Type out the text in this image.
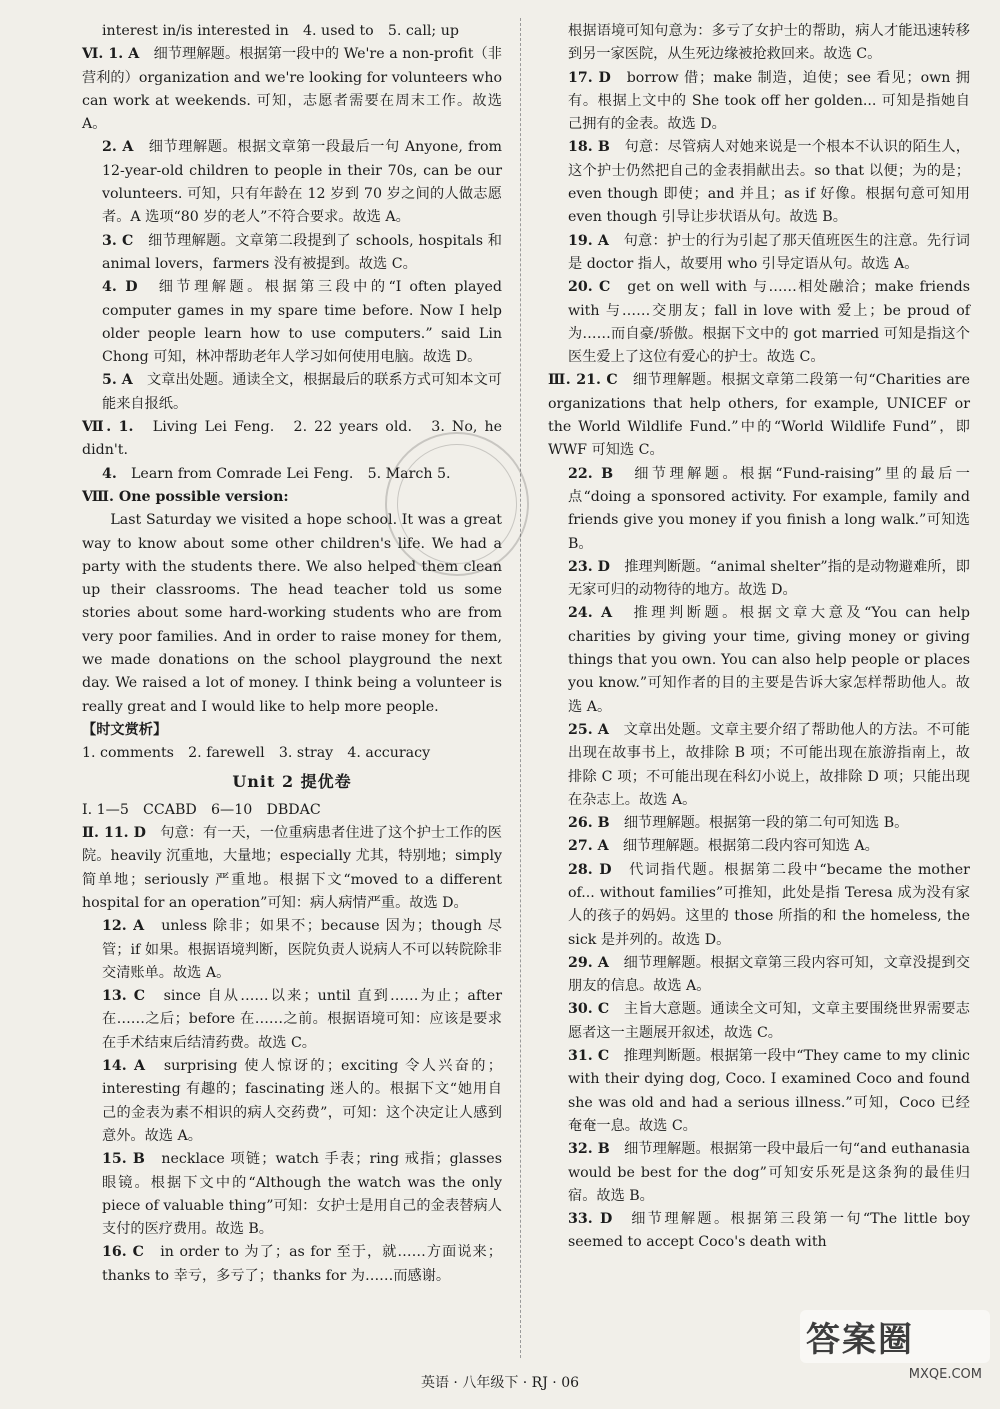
interest in/is interested in　4. used to　5. call; up

Ⅵ. 1. A　 细节理解题。根据第一段中的 We're a non-profit（非营利的）organization and we're looking for volunteers who can work at weekends. 可知，志愿者需要在周末工作。故选 A。

2. A　 细节理解题。根据文章第一段最后一句 Anyone, from 12-year-old children to people in their 70s, can be our volunteers. 可知，只有年龄在 12 岁到 70 岁之间的人做志愿者。A 选项“80 岁的老人”不符合要求。故选 A。

3. C　 细节理解题。文章第二段提到了 schools, hospitals 和 animal lovers，farmers 没有被提到。故选 C。

4. D　 细节理解题。根据第三段中的“I often played computer games in my spare time before. Now I help older people learn how to use computers.” said Lin Chong 可知，林冲帮助老年人学习如何使用电脑。故选 D。

5. A　 文章出处题。通读全文，根据最后的联系方式可知本文可能来自报纸。

Ⅶ. 1.　 Living Lei Feng.　2. 22 years old.　3. No, he didn't.

4.　 Learn from Comrade Lei Feng.　5. March 5.

Ⅷ. One possible version:　

Last Saturday we visited a hope school. It was a great way to know about some other children's life. We had a party with the students there. We also helped them clean up their classrooms. The head teacher told us some stories about some hard-working students who are from very poor families. And in order to raise money for them, we made donations on the school playground the next day. We raised a lot of money. I think being a volunteer is really great and I would like to help more people.

【时文赏析】

1. comments　2. farewell　3. stray　4. accuracy

Unit 2 提优卷

Ⅰ. 1—5　CCABD　6—10　DBDAC

Ⅱ. 11. D　 句意：有一天，一位重病患者住进了这个护士工作的医院。heavily 沉重地，大量地；especially 尤其，特别地；simply 简单地；seriously 严重地。根据下文“moved to a different hospital for an operation”可知：病人病情严重。故选 D。

12. A　 unless 除非；如果不；because 因为；though 尽管；if 如果。根据语境判断，医院负责人说病人不可以转院除非交清账单。故选 A。

13. C　 since 自从……以来；until 直到……为止；after 在……之后；before 在……之前。根据语境可知：应该是要求在手术结束后结清药费。故选 C。

14. A　 surprising 使人惊讶的；exciting 令人兴奋的；interesting 有趣的；fascinating 迷人的。根据下文“她用自己的金表为素不相识的病人交药费”，可知：这个决定让人感到意外。故选 A。

15. B　 necklace 项链；watch 手表；ring 戒指；glasses 眼镜。根据下文中的“Although the watch was the only piece of valuable thing”可知：女护士是用自己的金表替病人支付的医疗费用。故选 B。

16. C　 in order to 为了；as for 至于，就……方面说来；thanks to 幸亏，多亏了；thanks for 为……而感谢。

根据语境可知句意为：多亏了女护士的帮助，病人才能迅速转移到另一家医院，从生死边缘被抢救回来。故选 C。

17. D　 borrow 借；make 制造，迫使；see 看见；own 拥有。根据上文中的 She took off her golden... 可知是指她自己拥有的金表。故选 D。

18. B　 句意：尽管病人对她来说是一个根本不认识的陌生人，这个护士仍然把自己的金表捐献出去。so that 以便；为的是；even though 即使；and 并且；as if 好像。根据句意可知用 even though 引导让步状语从句。故选 B。

19. A　 句意：护士的行为引起了那天值班医生的注意。先行词是 doctor 指人，故要用 who 引导定语从句。故选 A。

20. C　 get on well with 与……相处融洽；make friends with 与……交朋友；fall in love with 爱上；be proud of 为……而自豪/骄傲。根据下文中的 got married 可知是指这个医生爱上了这位有爱心的护士。故选 C。

Ⅲ. 21. C　 细节理解题。根据文章第二段第一句“Charities are organizations that help others, for example, UNICEF or the World Wildlife Fund.”中的“World Wildlife Fund”，即 WWF 可知选 C。

22. B　 细节理解题。根据“Fund-raising”里的最后一点“doing a sponsored activity. For example, family and friends give you money if you finish a long walk.”可知选 B。

23. D　 推理判断题。“animal shelter”指的是动物避难所，即无家可归的动物待的地方。故选 D。

24. A　 推理判断题。根据文章大意及“You can help charities by giving your time, giving money or giving things that you own. You can also help people or places you know.”可知作者的目的主要是告诉大家怎样帮助他人。故选 A。

25. A　 文章出处题。文章主要介绍了帮助他人的方法。不可能出现在故事书上，故排除 B 项；不可能出现在旅游指南上，故排除 C 项；不可能出现在科幻小说上，故排除 D 项；只能出现在杂志上。故选 A。

26. B　 细节理解题。根据第一段的第二句可知选 B。

27. A　 细节理解题。根据第二段内容可知选 A。

28. D　 代词指代题。根据第二段中“became the mother of... without families”可推知，此处是指 Teresa 成为没有家人的孩子的妈妈。这里的 those 所指的和 the homeless, the sick 是并列的。故选 D。

29. A　 细节理解题。根据文章第三段内容可知，文章没提到交朋友的信息。故选 A。

30. C　 主旨大意题。通读全文可知，文章主要围绕世界需要志愿者这一主题展开叙述，故选 C。

31. C　 推理判断题。根据第一段中“They came to my clinic with their dying dog, Coco. I examined Coco and found she was old and had a serious illness.”可知，Coco 已经奄奄一息。故选 C。

32. B　 细节理解题。根据第一段中最后一句“and euthanasia would be best for the dog”可知安乐死是这条狗的最佳归宿。故选 B。

33. D　 细节理解题。根据第三段第一句“The little boy seemed to accept Coco's death with

英语 · 八年级下 · RJ · 06
答案圈
MXQE.COM
